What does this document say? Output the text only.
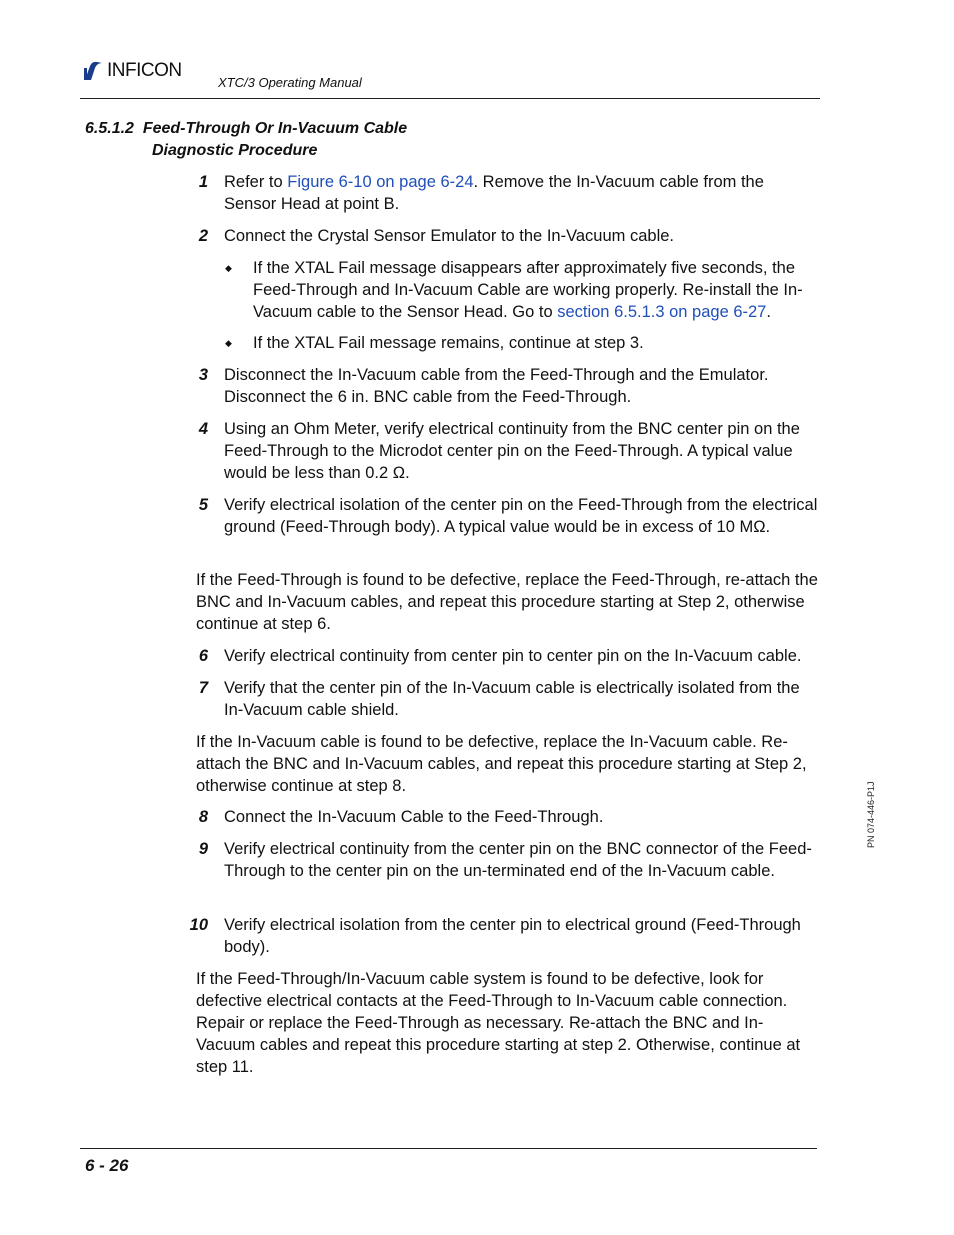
INFICON
XTC/3 Operating Manual
6.5.1.2 Feed-Through Or In-Vacuum Cable
Diagnostic Procedure
1 Refer to Figure 6-10 on page 6-24. Remove the In-Vacuum cable from the Sensor Head at point B.
2 Connect the Crystal Sensor Emulator to the In-Vacuum cable.
◆ If the XTAL Fail message disappears after approximately five seconds, the Feed-Through and In-Vacuum Cable are working properly. Re-install the In-Vacuum cable to the Sensor Head. Go to section 6.5.1.3 on page 6-27.
◆ If the XTAL Fail message remains, continue at step 3.
3 Disconnect the In-Vacuum cable from the Feed-Through and the Emulator. Disconnect the 6 in. BNC cable from the Feed-Through.
4 Using an Ohm Meter, verify electrical continuity from the BNC center pin on the Feed-Through to the Microdot center pin on the Feed-Through. A typical value would be less than 0.2 Ω.
5 Verify electrical isolation of the center pin on the Feed-Through from the electrical ground (Feed-Through body). A typical value would be in excess of 10 MΩ.
If the Feed-Through is found to be defective, replace the Feed-Through, re-attach the BNC and In-Vacuum cables, and repeat this procedure starting at Step 2, otherwise continue at step 6.
6 Verify electrical continuity from center pin to center pin on the In-Vacuum cable.
7 Verify that the center pin of the In-Vacuum cable is electrically isolated from the In-Vacuum cable shield.
If the In-Vacuum cable is found to be defective, replace the In-Vacuum cable. Re-attach the BNC and In-Vacuum cables, and repeat this procedure starting at Step 2, otherwise continue at step 8.
8 Connect the In-Vacuum Cable to the Feed-Through.
9 Verify electrical continuity from the center pin on the BNC connector of the Feed-Through to the center pin on the un-terminated end of the In-Vacuum cable.
10 Verify electrical isolation from the center pin to electrical ground (Feed-Through body).
If the Feed-Through/In-Vacuum cable system is found to be defective, look for defective electrical contacts at the Feed-Through to In-Vacuum cable connection. Repair or replace the Feed-Through as necessary. Re-attach the BNC and In-Vacuum cables and repeat this procedure starting at step 2. Otherwise, continue at step 11.
PN 074-446-P1J
6 - 26
